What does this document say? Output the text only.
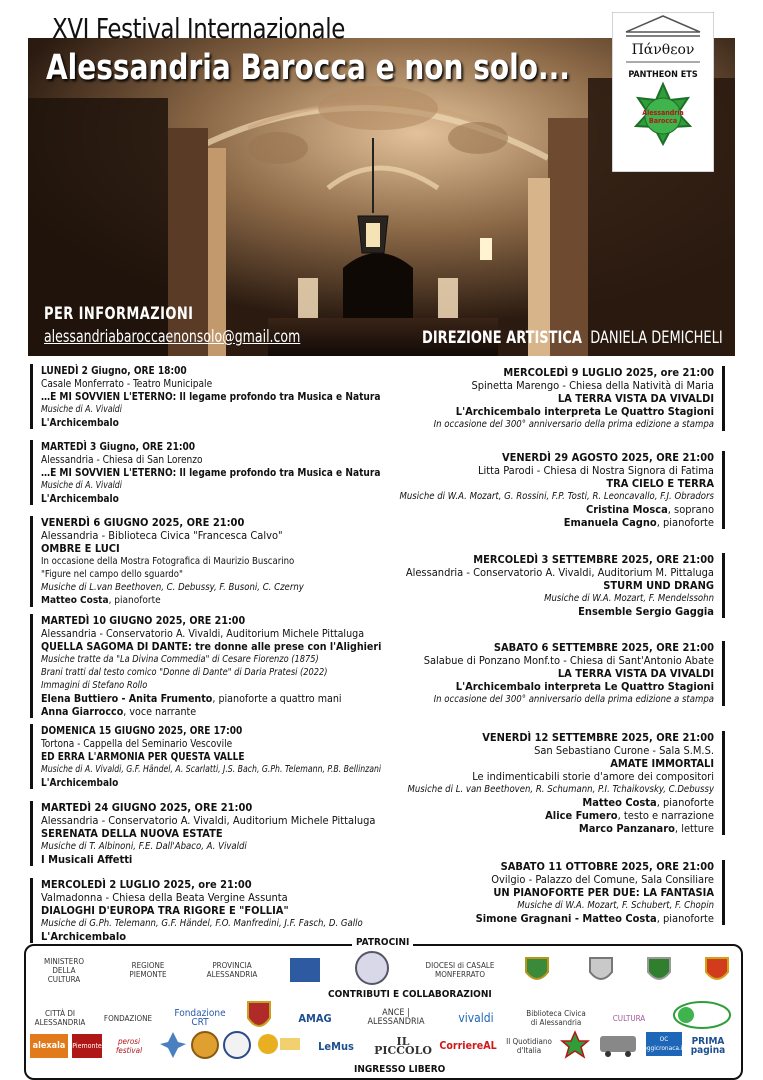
XVI Festival Internazionale
Alessandria Barocca e non solo...
PER INFORMAZIONI
alessandriabaroccaenonsolo@gmail.com	DIREZIONE ARTISTICA DANIELA DEMICHELI
Πάνθεον
PANTHEON ETS
Alessandria
Barocca
LUNEDÌ 2 Giugno, ORE 18:00
Casale Monferrato - Teatro Municipale
…E MI SOVVIEN L'ETERNO: Il legame profondo tra Musica e Natura
Musiche di A. Vivaldi
L'Archicembalo
MARTEDÌ 3 Giugno, ORE 21:00
Alessandria - Chiesa di San Lorenzo
…E MI SOVVIEN L'ETERNO: Il legame profondo tra Musica e Natura
Musiche di A. Vivaldi
L'Archicembalo
VENERDÌ 6 GIUGNO 2025, ORE 21:00
Alessandria - Biblioteca Civica "Francesca Calvo"
OMBRE E LUCI
In occasione della Mostra Fotografica di Maurizio Buscarino
"Figure nel campo dello sguardo"
Musiche di L.van Beethoven, C. Debussy, F. Busoni, C. Czerny
Matteo Costa, pianoforte
MARTEDÌ 10 GIUGNO 2025, ORE 21:00
Alessandria - Conservatorio A. Vivaldi, Auditorium Michele Pittaluga
QUELLA SAGOMA DI DANTE: tre donne alle prese con l'Alighieri
Musiche tratte da "La Divina Commedia" di Cesare Fiorenzo (1875)
Brani tratti dal testo comico "Donne di Dante" di Daria Pratesi (2022)
Immagini di Stefano Rollo
Elena Buttiero - Anita Frumento, pianoforte a quattro mani
Anna Giarrocco, voce narrante
DOMENICA 15 GIUGNO 2025, ORE 17:00
Tortona - Cappella del Seminario Vescovile
ED ERRA L'ARMONIA PER QUESTA VALLE
Musiche di A. Vivaldi, G.F. Händel, A. Scarlatti, J.S. Bach, G.Ph. Telemann, P.B. Bellinzani
L'Archicembalo
MARTEDÌ 24 GIUGNO 2025, ORE 21:00
Alessandria - Conservatorio A. Vivaldi, Auditorium Michele Pittaluga
SERENATA DELLA NUOVA ESTATE
Musiche di T. Albinoni, F.E. Dall'Abaco, A. Vivaldi
I Musicali Affetti
MERCOLEDÌ 2 LUGLIO 2025, ore 21:00
Valmadonna - Chiesa della Beata Vergine Assunta
DIALOGHI D'EUROPA TRA RIGORE E "FOLLIA"
Musiche di G.Ph. Telemann, G.F. Händel, F.O. Manfredini, J.F. Fasch, D. Gallo
L'Archicembalo
MERCOLEDÌ 9 LUGLIO 2025, ore 21:00
Spinetta Marengo - Chiesa della Natività di Maria
LA TERRA VISTA DA VIVALDI
L'Archicembalo interpreta Le Quattro Stagioni
In occasione del 300° anniversario della prima edizione a stampa
VENERDÌ 29 AGOSTO 2025, ORE 21:00
Litta Parodi - Chiesa di Nostra Signora di Fatima
TRA CIELO E TERRA
Musiche di W.A. Mozart, G. Rossini, F.P. Tosti, R. Leoncavallo, F.J. Obradors
Cristina Mosca, soprano
Emanuela Cagno, pianoforte
MERCOLEDÌ 3 SETTEMBRE 2025, ORE 21:00
Alessandria - Conservatorio A. Vivaldi, Auditorium M. Pittaluga
STURM UND DRANG
Musiche di W.A. Mozart, F. Mendelssohn
Ensemble Sergio Gaggia
SABATO 6 SETTEMBRE 2025, ORE 21:00
Salabue di Ponzano Monf.to - Chiesa di Sant'Antonio Abate
LA TERRA VISTA DA VIVALDI
L'Archicembalo interpreta Le Quattro Stagioni
In occasione del 300° anniversario della prima edizione a stampa
VENERDÌ 12 SETTEMBRE 2025, ORE 21:00
San Sebastiano Curone - Sala S.M.S.
AMATE IMMORTALI
Le indimenticabili storie d'amore dei compositori
Musiche di L. van Beethoven, R. Schumann, P.I. Tchaikovsky, C.Debussy
Matteo Costa, pianoforte
Alice Fumero, testo e narrazione
Marco Panzanaro, letture
SABATO 11 OTTOBRE 2025, ORE 21:00
Ovilgio - Palazzo del Comune, Sala Consiliare
UN PIANOFORTE PER DUE: LA FANTASIA
Musiche di W.A. Mozart, F. Schubert, F. Chopin
Simone Gragnani - Matteo Costa, pianoforte
PATROCINI
CONTRIBUTI E COLLABORAZIONI
INGRESSO LIBERO
MINISTERO DELLA CULTURA
REGIONE PIEMONTE
PROVINCIA ALESSANDRIA
DIOCESI di CASALE MONFERRATO
CITTÀ DI ALESSANDRIA	FONDAZIONE	Fondazione CRT	AMAG	ANCE | ALESSANDRIA	vivaldi	Biblioteca Civica di Alessandria	CULTURA
alexala Piemonte	perosi festival	LeMus	IL PICCOLO CorriereAL Il Quotidiano d'Italia
OC oggicronaca.it
PRIMA pagina
